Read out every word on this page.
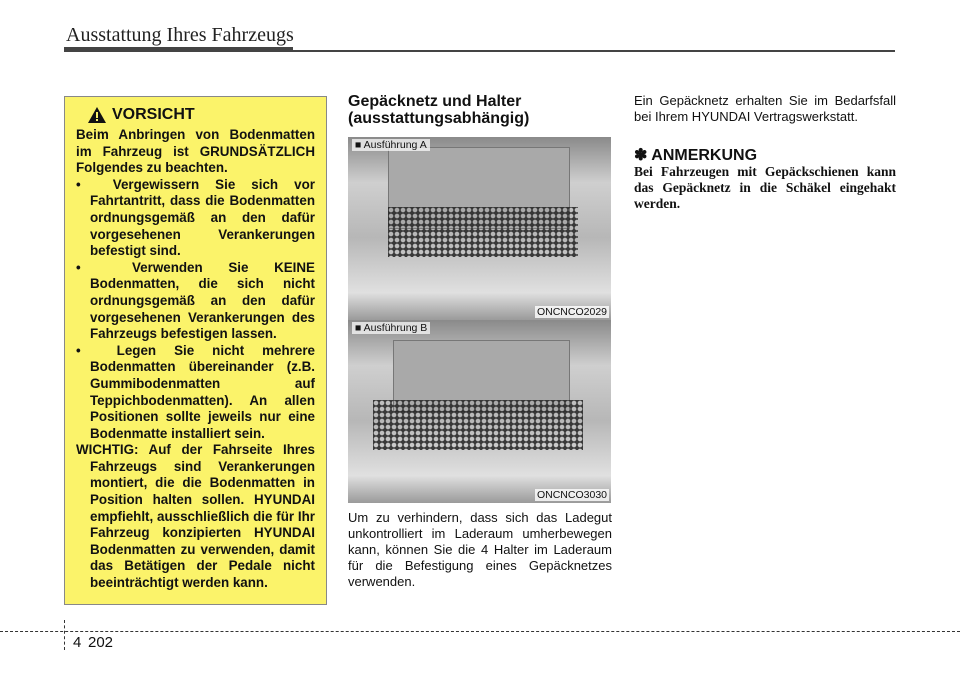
Ausstattung Ihres Fahrzeugs
VORSICHT

Beim Anbringen von Bodenmatten im Fahrzeug ist GRUNDSÄTZLICH Folgendes zu beachten.

•  Vergewissern Sie sich vor Fahrtantritt, dass die Bodenmatten ordnungsgemäß an den dafür vorgesehenen Verankerungen befestigt sind.

•  Verwenden Sie KEINE Bodenmatten, die sich nicht ordnungsgemäß an den dafür vorgesehenen Verankerungen des Fahrzeugs befestigen lassen.

•  Legen Sie nicht mehrere Bodenmatten übereinander (z.B. Gummibodenmatten auf Teppichbodenmatten). An allen Positionen sollte jeweils nur eine Bodenmatte installiert sein.

WICHTIG: Auf der Fahrseite Ihres Fahrzeugs sind Verankerungen montiert, die die Bodenmatten in Position halten sollen. HYUNDAI empfiehlt, ausschließlich die für Ihr Fahrzeug konzipierten HYUNDAI Bodenmatten zu verwenden, damit das Betätigen der Pedale nicht beeinträchtigt werden kann.

Gepäcknetz und Halter (ausstattungsabhängig)
■ Ausführung A
ONCNCO2029
■ Ausführung B
ONCNCO3030
Um zu verhindern, dass sich das Ladegut unkontrolliert im Laderaum umherbewegen kann, können Sie die 4 Halter im Laderaum für die Befestigung eines Gepäcknetzes verwenden.
Ein Gepäcknetz erhalten Sie im Bedarfsfall bei Ihrem HYUNDAI Vertragswerkstatt.
✽ ANMERKUNG
Bei Fahrzeugen mit Gepäckschienen kann das Gepäcknetz in die Schäkel eingehakt werden.
4 202
